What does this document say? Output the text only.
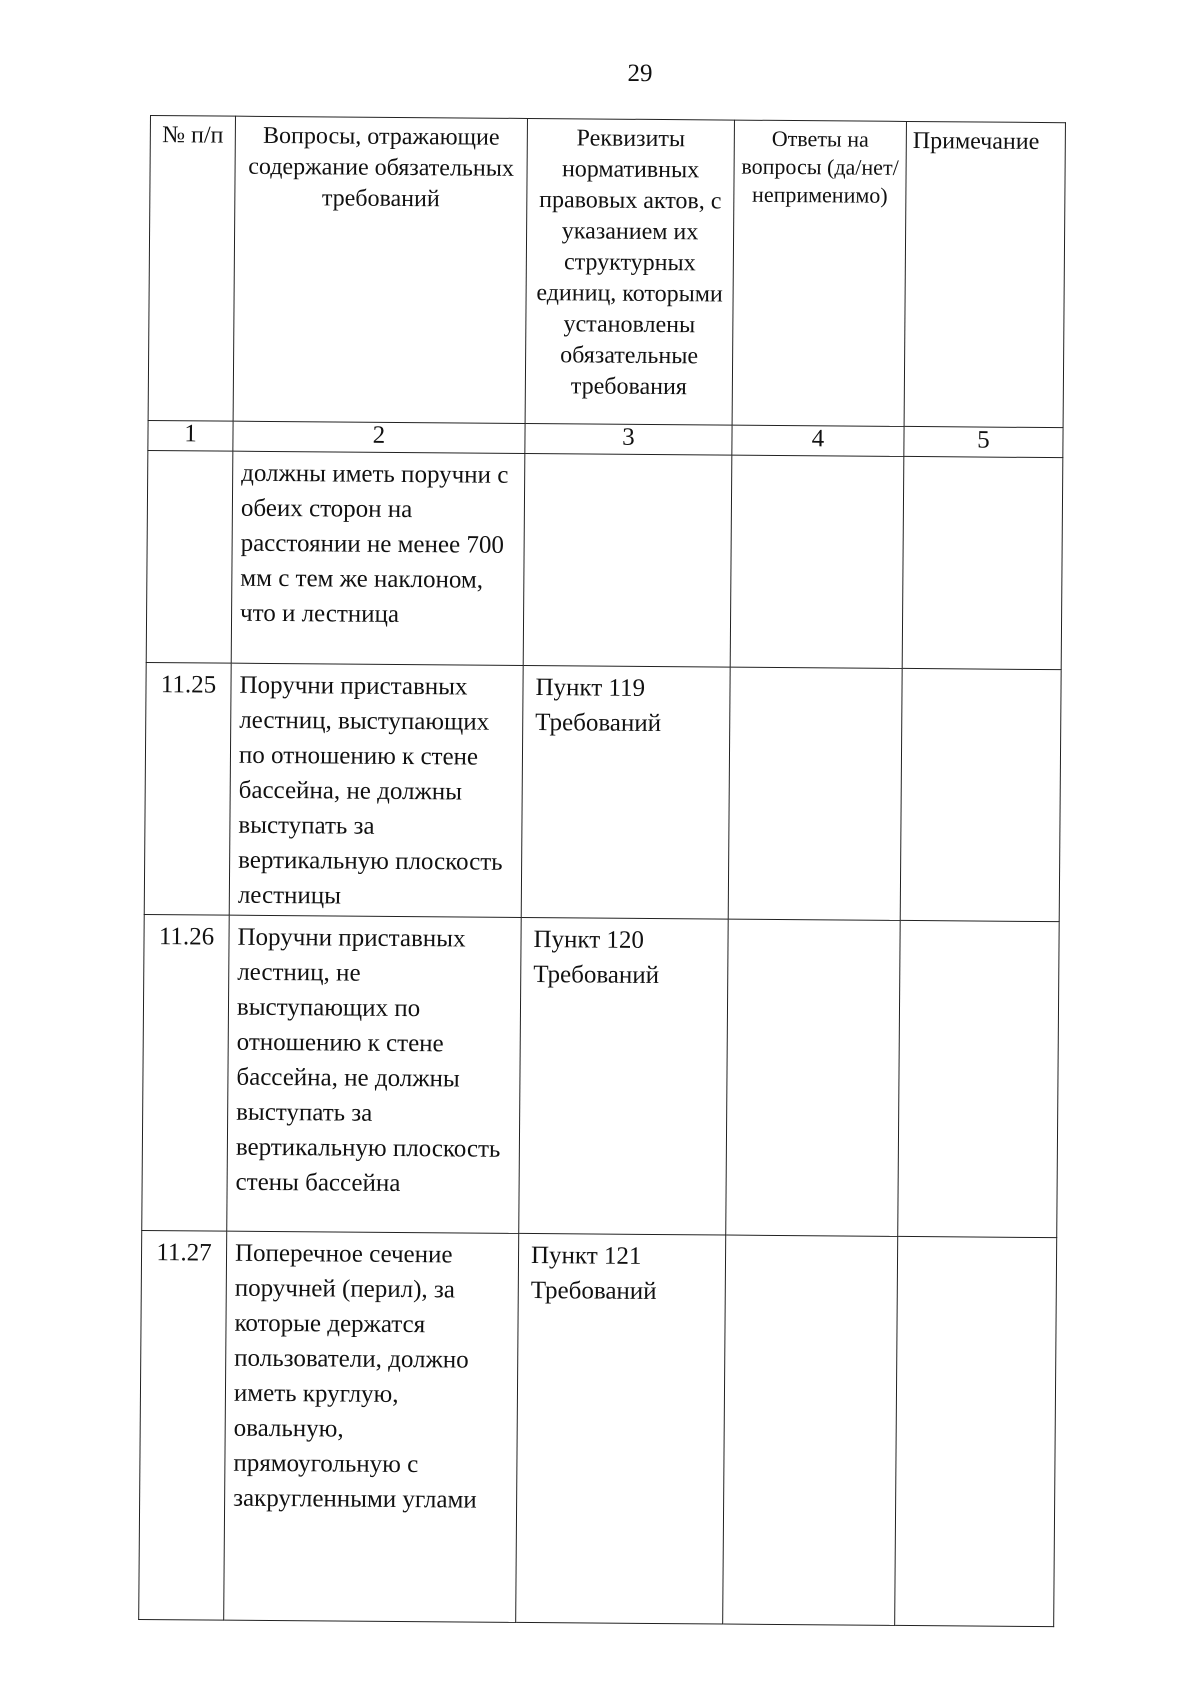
29
№ п/п	Вопросы, отражающие содержание обязательных требований	Реквизиты нормативных правовых актов, с указанием их структурных единиц, которыми установлены обязательные требования	Ответы на вопросы (да/нет/ неприменимо)	Примечание
1	2	3	4	5
	должны иметь поручни с обеих сторон на расстоянии не менее 700 мм с тем же наклоном, что и лестница			
11.25	Поручни приставных лестниц, выступающих по отношению к стене бассейна, не должны выступать за вертикальную плоскость лестницы	Пункт 119 Требований		
11.26	Поручни приставных лестниц, не выступающих по отношению к стене бассейна, не должны выступать за вертикальную плоскость стены бассейна	Пункт 120 Требований		
11.27	Поперечное сечение поручней (перил), за которые держатся пользователи, должно иметь круглую, овальную, прямоугольную с закругленными углами	Пункт 121 Требований		
